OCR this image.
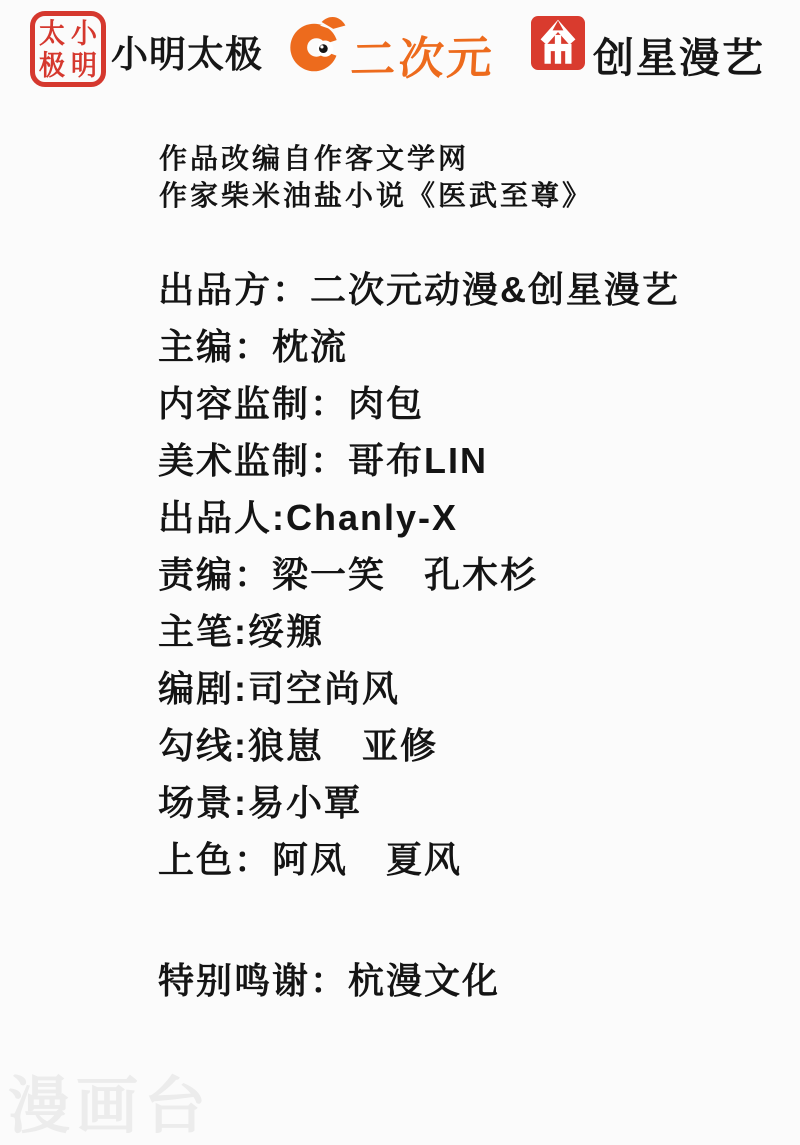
太 小
极 明 小明太极 二次元 创星漫艺
作品改编自作客文学网
作家柴米油盐小说《医武至尊》
出品方：二次元动漫&创星漫艺
主编：枕流
内容监制：肉包
美术监制：哥布LIN
出品人:Chanly-X
责编：梁一笑　孔木杉
主笔:绥羱
编剧:司空尚风
勾线:狼崽　亚修
场景:易小覃
上色：阿凤　夏风
特别鸣谢：杭漫文化
漫画台
